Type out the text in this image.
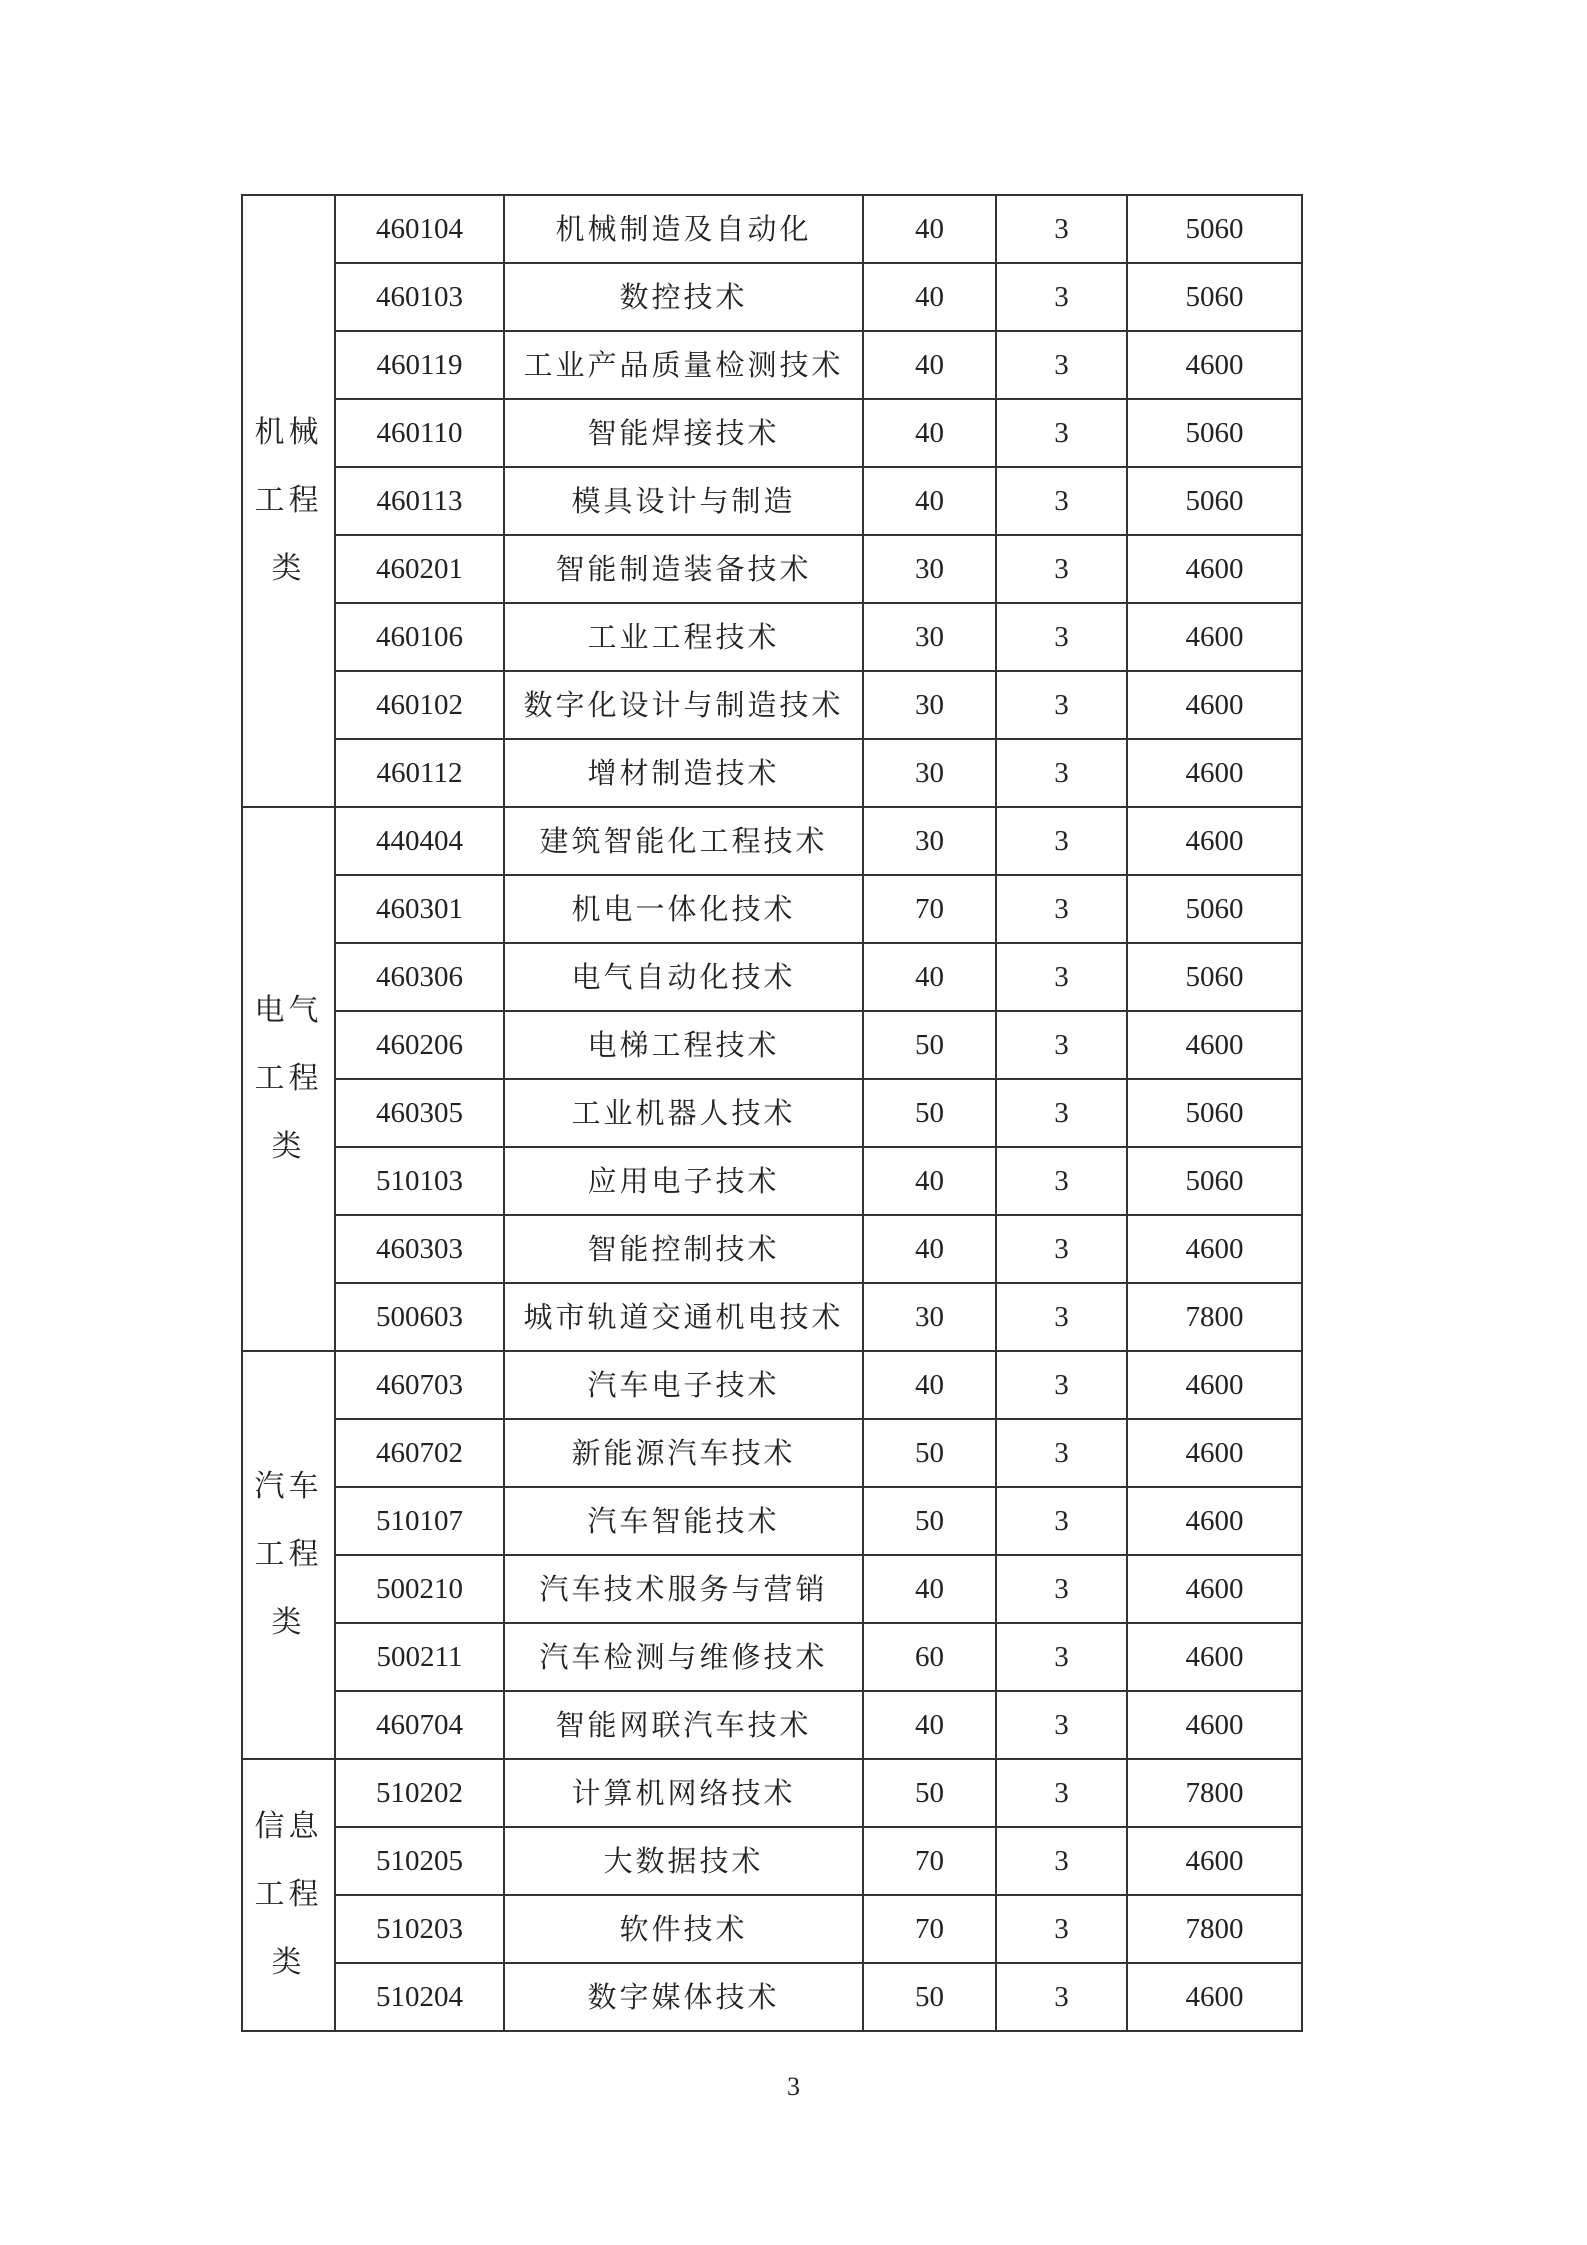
机械工程类	460104	机械制造及自动化	40	3	5060
	460103	数控技术	40	3	5060
	460119	工业产品质量检测技术	40	3	4600
	460110	智能焊接技术	40	3	5060
	460113	模具设计与制造	40	3	5060
	460201	智能制造装备技术	30	3	4600
	460106	工业工程技术	30	3	4600
	460102	数字化设计与制造技术	30	3	4600
	460112	增材制造技术	30	3	4600
电气工程类	440404	建筑智能化工程技术	30	3	4600
	460301	机电一体化技术	70	3	5060
	460306	电气自动化技术	40	3	5060
	460206	电梯工程技术	50	3	4600
	460305	工业机器人技术	50	3	5060
	510103	应用电子技术	40	3	5060
	460303	智能控制技术	40	3	4600
	500603	城市轨道交通机电技术	30	3	7800
汽车工程类	460703	汽车电子技术	40	3	4600
	460702	新能源汽车技术	50	3	4600
	510107	汽车智能技术	50	3	4600
	500210	汽车技术服务与营销	40	3	4600
	500211	汽车检测与维修技术	60	3	4600
	460704	智能网联汽车技术	40	3	4600
信息工程类	510202	计算机网络技术	50	3	7800
	510205	大数据技术	70	3	4600
	510203	软件技术	70	3	7800
	510204	数字媒体技术	50	3	4600
3
